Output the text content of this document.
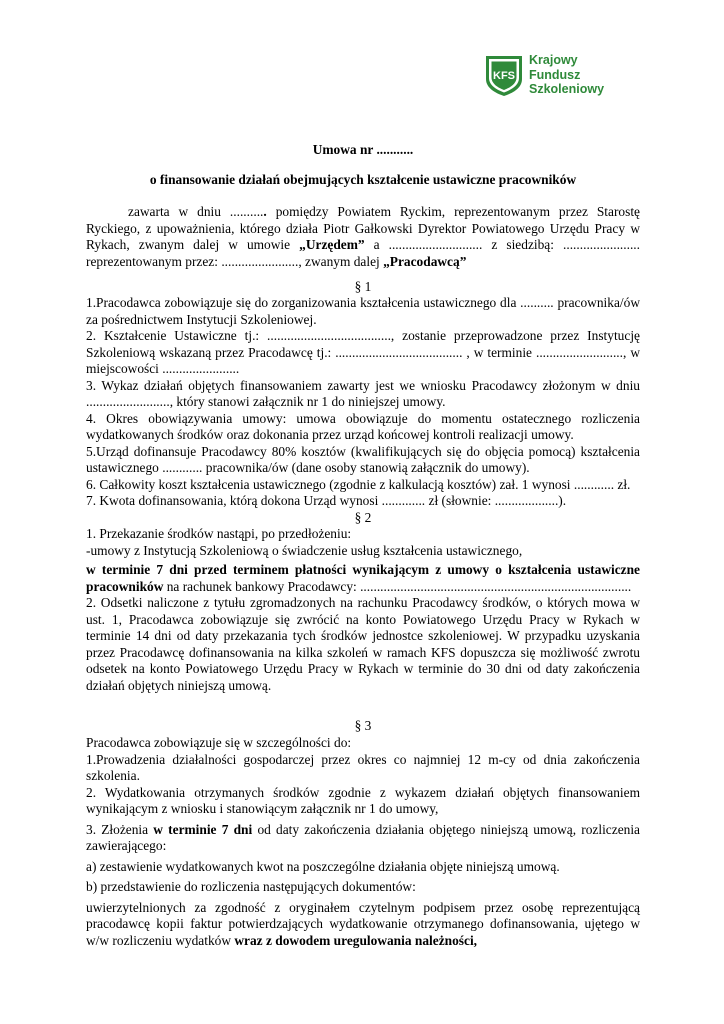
KFS
Krajowy
Fundusz
Szkoleniowy
Umowa nr ...........
o finansowanie działań obejmujących kształcenie ustawiczne pracowników
zawarta w dniu ........... pomiędzy Powiatem Ryckim, reprezentowanym przez Starostę Ryckiego, z upoważnienia, którego działa Piotr Gałkowski Dyrektor Powiatowego Urzędu Pracy w Rykach, zwanym dalej w umowie „Urzędem” a ............................ z siedzibą: ....................... reprezentowanym przez: ......................., zwanym dalej „Pracodawcą”
§ 1

1.Pracodawca zobowiązuje się do zorganizowania kształcenia ustawicznego dla .......... pracownika/ów za pośrednictwem Instytucji Szkoleniowej.

2. Kształcenie Ustawiczne tj.: ....................................., zostanie przeprowadzone przez Instytucję Szkoleniową wskazaną przez Pracodawcę tj.: ...................................... , w terminie .........................., w miejscowości .......................

3. Wykaz działań objętych finansowaniem zawarty jest we wniosku Pracodawcy złożonym w dniu ........................., który stanowi załącznik nr 1 do niniejszej umowy.

4. Okres obowiązywania umowy: umowa obowiązuje do momentu ostatecznego rozliczenia wydatkowanych środków oraz dokonania przez urząd końcowej kontroli realizacji umowy.

5.Urząd dofinansuje Pracodawcy 80% kosztów (kwalifikujących się do objęcia pomocą) kształcenia ustawicznego ............ pracownika/ów (dane osoby stanowią załącznik do umowy).

6. Całkowity koszt kształcenia ustawicznego (zgodnie z kalkulacją kosztów) zał. 1 wynosi ............ zł.

7. Kwota dofinansowania, którą dokona Urząd wynosi ............. zł (słownie: ...................).

§ 2

1. Przekazanie środków nastąpi, po przedłożeniu:

-umowy z Instytucją Szkoleniową o świadczenie usług kształcenia ustawicznego,

w terminie 7 dni przed terminem płatności wynikającym z umowy o kształcenia ustawiczne pracowników na rachunek bankowy Pracodawcy: .................................................................................

2. Odsetki naliczone z tytułu zgromadzonych na rachunku Pracodawcy środków, o których mowa w ust. 1, Pracodawca zobowiązuje się zwrócić na konto Powiatowego Urzędu Pracy w Rykach w terminie 14 dni od daty przekazania tych środków jednostce szkoleniowej. W przypadku uzyskania przez Pracodawcę dofinansowania na kilka szkoleń w ramach KFS dopuszcza się możliwość zwrotu odsetek na konto Powiatowego Urzędu Pracy w Rykach w terminie do 30 dni od daty zakończenia działań objętych niniejszą umową.

§ 3

Pracodawca zobowiązuje się w szczególności do:

1.Prowadzenia działalności gospodarczej przez okres co najmniej 12 m-cy od dnia zakończenia szkolenia.

2. Wydatkowania otrzymanych środków zgodnie z wykazem działań objętych finansowaniem wynikającym z wniosku i stanowiącym załącznik nr 1 do umowy,

3. Złożenia w terminie 7 dni od daty zakończenia działania objętego niniejszą umową, rozliczenia zawierającego:

a) zestawienie wydatkowanych kwot na poszczególne działania objęte niniejszą umową.

b) przedstawienie do rozliczenia następujących dokumentów:

uwierzytelnionych za zgodność z oryginałem czytelnym podpisem przez osobę reprezentującą pracodawcę kopii faktur potwierdzających wydatkowanie otrzymanego dofinansowania, ujętego w w/w rozliczeniu wydatków wraz z dowodem uregulowania należności,
